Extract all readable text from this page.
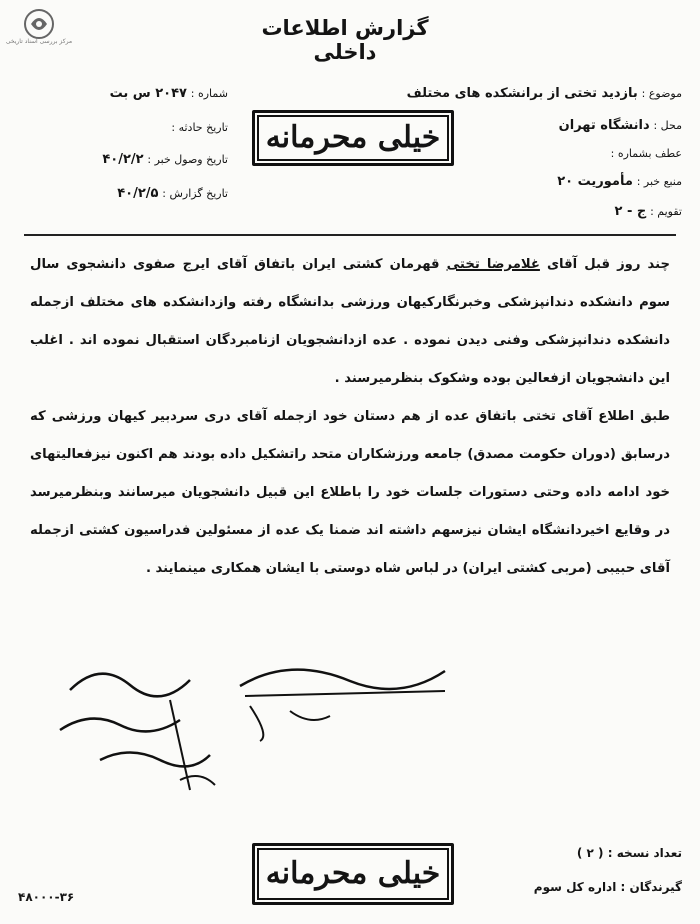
مرکز بررسی اسناد تاریخی
گزارش اطلاعات داخلی
موضوع : بازدید تختی از برانشکده های مختلف
محل : دانشگاه تهران
عطف بشماره :
منبع خبر : مأموریت ۲۰
تقویم : ج - ۲
شماره : ۲۰۴۷ س بت
تاریخ حادثه :
تاریخ وصول خبر : ۴۰/۲/۲
تاریخ گزارش : ۴۰/۲/۵
خیلی محرمانه

چند روز قبل آقای غلامرضا تختی قهرمان کشتی ایران باتفاق آقای ایرج صفوی دانشجوی سال سوم دانشکده دندانپزشکی وخبرنگارکیهان ورزشی بدانشگاه رفته وازدانشکده های مختلف ازجمله دانشکده دندانپزشکی وفنی دیدن نموده . عده ازدانشجویان ازنامبردگان استقبال نموده اند . اغلب این دانشجویان ازفعالین بوده وشکوک بنظرمیرسند .

طبق اطلاع آقای تختی باتفاق عده از هم دستان خود ازجمله آقای دری سردبیر کیهان ورزشی که درسابق (دوران حکومت مصدق) جامعه ورزشکاران متحد راتشکیل داده بودند هم اکنون نیزفعالیتهای خود ادامه داده وحتی دستورات جلسات خود را باطلاع این قبیل دانشجویان میرسانند وبنظرمیرسد در وقایع اخیردانشگاه ایشان نیزسهم داشته اند ضمنا یک عده از مسئولین فدراسیون کشتی ازجمله آقای حبیبی (مربی کشتی ایران) در لباس شاه دوستی با ایشان همکاری مینمایند .

تعداد نسخه : ( ۲ )
گیرندگان : اداره کل سوم
خیلی محرمانه
۴۸۰۰۰-۳۶
